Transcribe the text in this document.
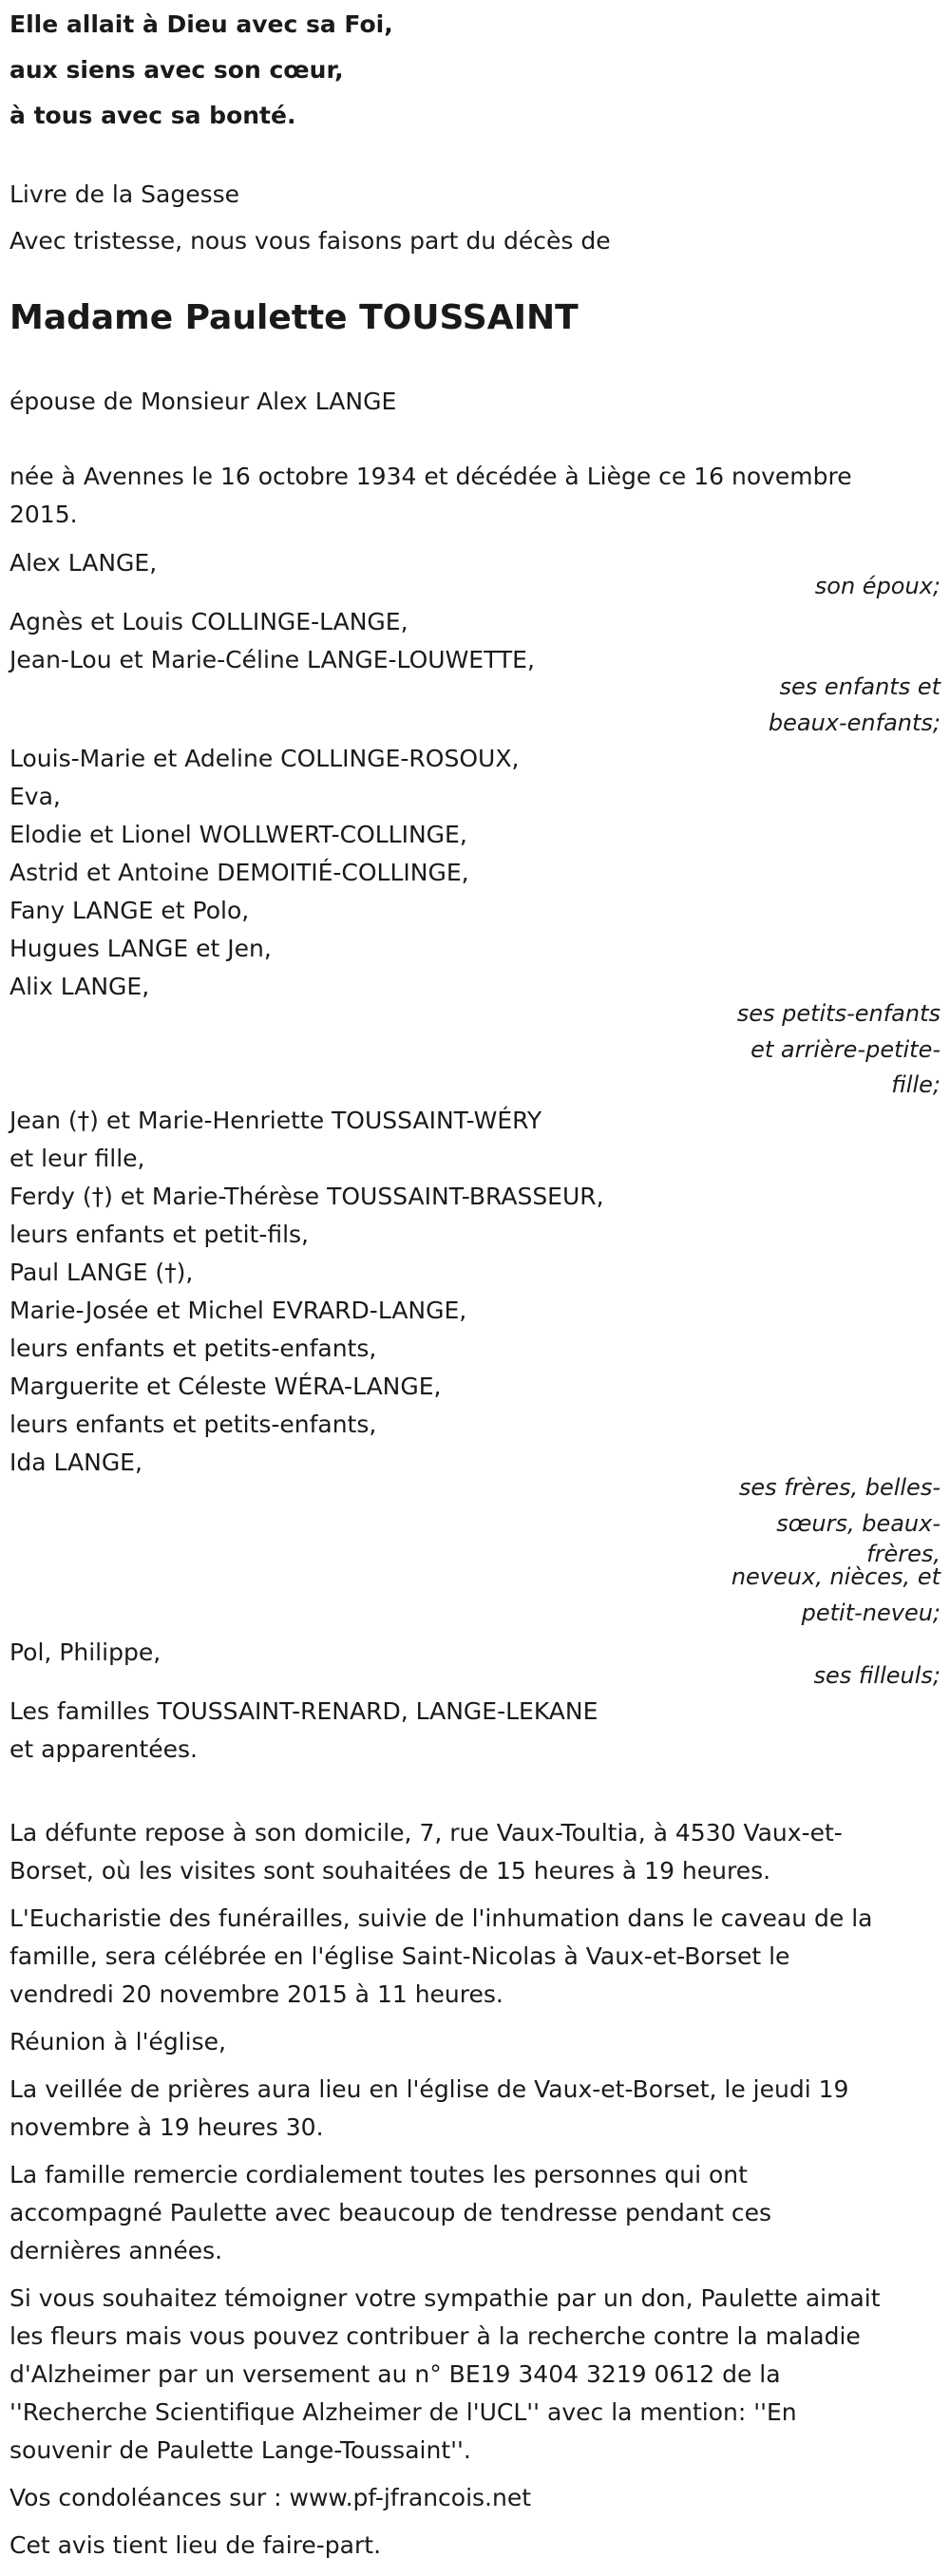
Elle allait à Dieu avec sa Foi,
aux siens avec son cœur,
à tous avec sa bonté.
Livre de la Sagesse
Avec tristesse, nous vous faisons part du décès de
Madame Paulette TOUSSAINT
épouse de Monsieur Alex LANGE
née à Avennes le 16 octobre 1934 et décédée à Liège ce 16 novembre
2015.
Alex LANGE,
son époux;
Agnès et Louis COLLINGE-LANGE,
Jean-Lou et Marie-Céline LANGE-LOUWETTE,
ses enfants et
beaux-enfants;
Louis-Marie et Adeline COLLINGE-ROSOUX,
Eva,
Elodie et Lionel WOLLWERT-COLLINGE,
Astrid et Antoine DEMOITIÉ-COLLINGE,
Fany LANGE et Polo,
Hugues LANGE et Jen,
Alix LANGE,
ses petits-enfants
et arrière-petite-
fille;
Jean (†) et Marie-Henriette TOUSSAINT-WÉRY
et leur fille,
Ferdy (†) et Marie-Thérèse TOUSSAINT-BRASSEUR,
leurs enfants et petit-fils,
Paul LANGE (†),
Marie-Josée et Michel EVRARD-LANGE,
leurs enfants et petits-enfants,
Marguerite et Céleste WÉRA-LANGE,
leurs enfants et petits-enfants,
Ida LANGE,
ses frères, belles-
sœurs, beaux-
frères,
neveux, nièces, et
petit-neveu;
Pol, Philippe,
ses filleuls;
Les familles TOUSSAINT-RENARD, LANGE-LEKANE
et apparentées.
La défunte repose à son domicile, 7, rue Vaux-Toultia, à 4530 Vaux-et-
Borset, où les visites sont souhaitées de 15 heures à 19 heures.
L'Eucharistie des funérailles, suivie de l'inhumation dans le caveau de la
famille, sera célébrée en l'église Saint-Nicolas à Vaux-et-Borset le
vendredi 20 novembre 2015 à 11 heures.
Réunion à l'église,
La veillée de prières aura lieu en l'église de Vaux-et-Borset, le jeudi 19
novembre à 19 heures 30.
La famille remercie cordialement toutes les personnes qui ont
accompagné Paulette avec beaucoup de tendresse pendant ces
dernières années.
Si vous souhaitez témoigner votre sympathie par un don, Paulette aimait
les fleurs mais vous pouvez contribuer à la recherche contre la maladie
d'Alzheimer par un versement au n° BE19 3404 3219 0612 de la
''Recherche Scientifique Alzheimer de l'UCL'' avec la mention: ''En
souvenir de Paulette Lange-Toussaint''.
Vos condoléances sur : www.pf-jfrancois.net
Cet avis tient lieu de faire-part.
